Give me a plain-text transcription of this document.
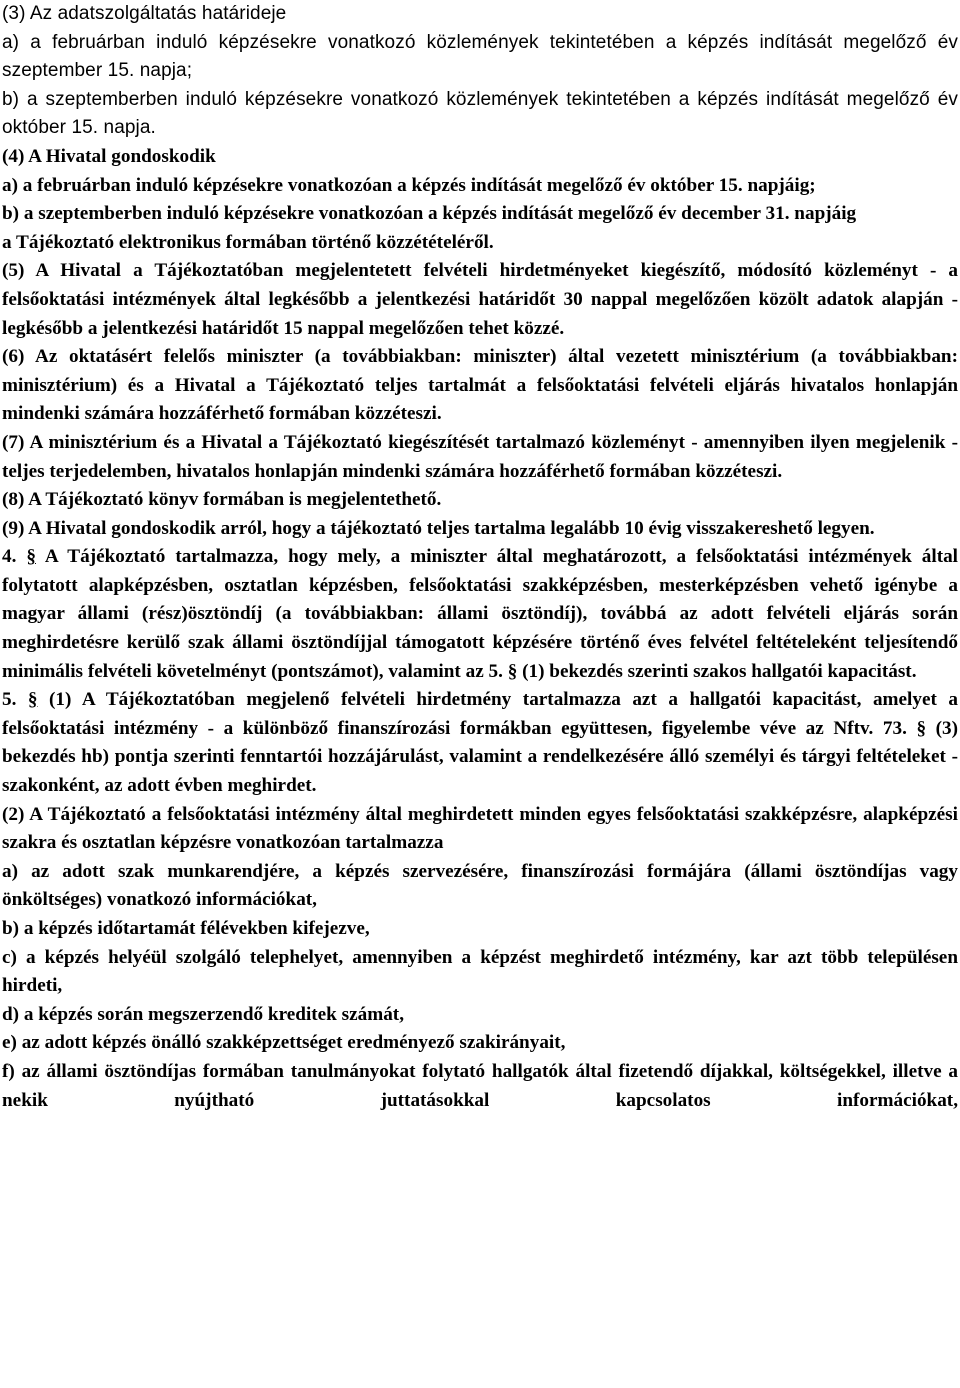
(3) Az adatszolgáltatás határideje

a) a februárban induló képzésekre vonatkozó közlemények tekintetében a képzés indítását megelőző év szeptember 15. napja;

b) a szeptemberben induló képzésekre vonatkozó közlemények tekintetében a képzés indítását megelőző év október 15. napja.

(4) A Hivatal gondoskodik

a) a februárban induló képzésekre vonatkozóan a képzés indítását megelőző év október 15. napjáig;

b) a szeptemberben induló képzésekre vonatkozóan a képzés indítását megelőző év december 31. napjáig

a Tájékoztató elektronikus formában történő közzétételéről.

(5) A Hivatal a Tájékoztatóban megjelentetett felvételi hirdetményeket kiegészítő, módosító közleményt - a felsőoktatási intézmények által legkésőbb a jelentkezési határidőt 30 nappal megelőzően közölt adatok alapján - legkésőbb a jelentkezési határidőt 15 nappal megelőzően tehet közzé.

(6) Az oktatásért felelős miniszter (a továbbiakban: miniszter) által vezetett minisztérium (a továbbiakban: minisztérium) és a Hivatal a Tájékoztató teljes tartalmát a felsőoktatási felvételi eljárás hivatalos honlapján mindenki számára hozzáférhető formában közzéteszi.

(7) A minisztérium és a Hivatal a Tájékoztató kiegészítését tartalmazó közleményt - amennyiben ilyen megjelenik - teljes terjedelemben, hivatalos honlapján mindenki számára hozzáférhető formában közzéteszi.

(8) A Tájékoztató könyv formában is megjelentethető.

(9) A Hivatal gondoskodik arról, hogy a tájékoztató teljes tartalma legalább 10 évig visszakereshető legyen.

4. § A Tájékoztató tartalmazza, hogy mely, a miniszter által meghatározott, a felsőoktatási intézmények által folytatott alapképzésben, osztatlan képzésben, felsőoktatási szakképzésben, mesterképzésben vehető igénybe a magyar állami (rész)ösztöndíj (a továbbiakban: állami ösztöndíj), továbbá az adott felvételi eljárás során meghirdetésre kerülő szak állami ösztöndíjjal támogatott képzésére történő éves felvétel feltételeként teljesítendő minimális felvételi követelményt (pontszámot), valamint az 5. § (1) bekezdés szerinti szakos hallgatói kapacitást.

5. § (1) A Tájékoztatóban megjelenő felvételi hirdetmény tartalmazza azt a hallgatói kapacitást, amelyet a felsőoktatási intézmény - a különböző finanszírozási formákban együttesen, figyelembe véve az Nftv. 73. § (3) bekezdés hb) pontja szerinti fenntartói hozzájárulást, valamint a rendelkezésére álló személyi és tárgyi feltételeket - szakonként, az adott évben meghirdet.

(2) A Tájékoztató a felsőoktatási intézmény által meghirdetett minden egyes felsőoktatási szakképzésre, alapképzési szakra és osztatlan képzésre vonatkozóan tartalmazza

a) az adott szak munkarendjére, a képzés szervezésére, finanszírozási formájára (állami ösztöndíjas vagy önköltséges) vonatkozó információkat,

b) a képzés időtartamát félévekben kifejezve,

c) a képzés helyéül szolgáló telephelyet, amennyiben a képzést meghirdető intézmény, kar azt több településen hirdeti,

d) a képzés során megszerzendő kreditek számát,

e) az adott képzés önálló szakképzettséget eredményező szakirányait,

f) az állami ösztöndíjas formában tanulmányokat folytató hallgatók által fizetendő díjakkal, költségekkel, illetve a nekik nyújtható juttatásokkal kapcsolatos információkat,
